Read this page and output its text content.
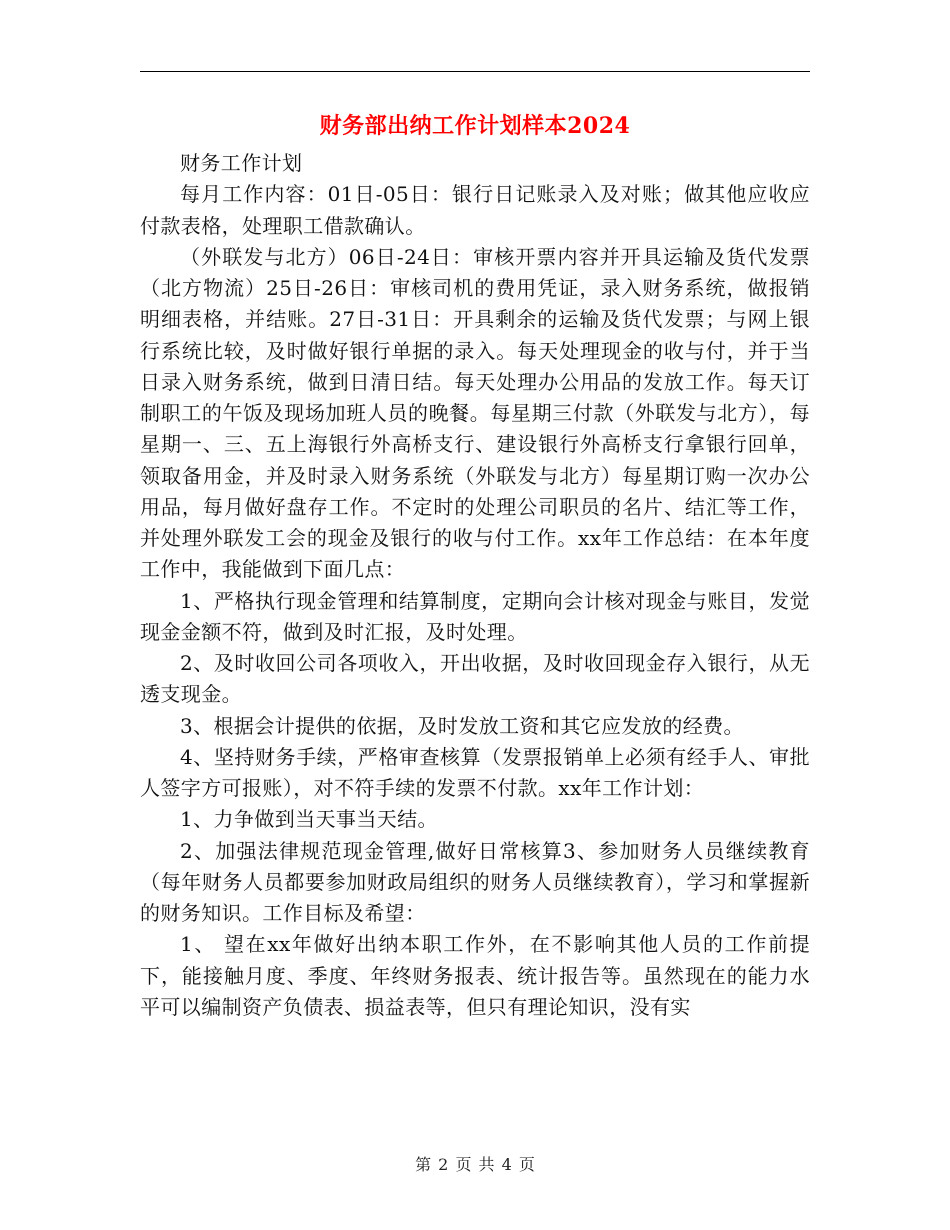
财务部出纳工作计划样本2024

财务工作计划

每月工作内容：01日-05日：银行日记账录入及对账；做其他应收应付款表格，处理职工借款确认。

（外联发与北方）06日-24日：审核开票内容并开具运输及货代发票（北方物流）25日-26日：审核司机的费用凭证，录入财务系统，做报销明细表格，并结账。27日-31日：开具剩余的运输及货代发票；与网上银行系统比较，及时做好银行单据的录入。每天处理现金的收与付，并于当日录入财务系统，做到日清日结。每天处理办公用品的发放工作。每天订制职工的午饭及现场加班人员的晚餐。每星期三付款（外联发与北方），每星期一、三、五上海银行外高桥支行、建设银行外高桥支行拿银行回单，领取备用金，并及时录入财务系统（外联发与北方）每星期订购一次办公用品，每月做好盘存工作。不定时的处理公司职员的名片、结汇等工作，并处理外联发工会的现金及银行的收与付工作。xx年工作总结：在本年度工作中，我能做到下面几点：

1、严格执行现金管理和结算制度，定期向会计核对现金与账目，发觉现金金额不符，做到及时汇报，及时处理。

2、及时收回公司各项收入，开出收据，及时收回现金存入银行，从无透支现金。

3、根据会计提供的依据，及时发放工资和其它应发放的经费。

4、坚持财务手续，严格审查核算（发票报销单上必须有经手人、审批人签字方可报账），对不符手续的发票不付款。xx年工作计划：

1、力争做到当天事当天结。

2、加强法律规范现金管理,做好日常核算3、参加财务人员继续教育（每年财务人员都要参加财政局组织的财务人员继续教育），学习和掌握新的财务知识。工作目标及希望：

1、 望在xx年做好出纳本职工作外，在不影响其他人员的工作前提下，能接触月度、季度、年终财务报表、统计报告等。虽然现在的能力水平可以编制资产负债表、损益表等，但只有理论知识，没有实

第 2 页 共 4 页
